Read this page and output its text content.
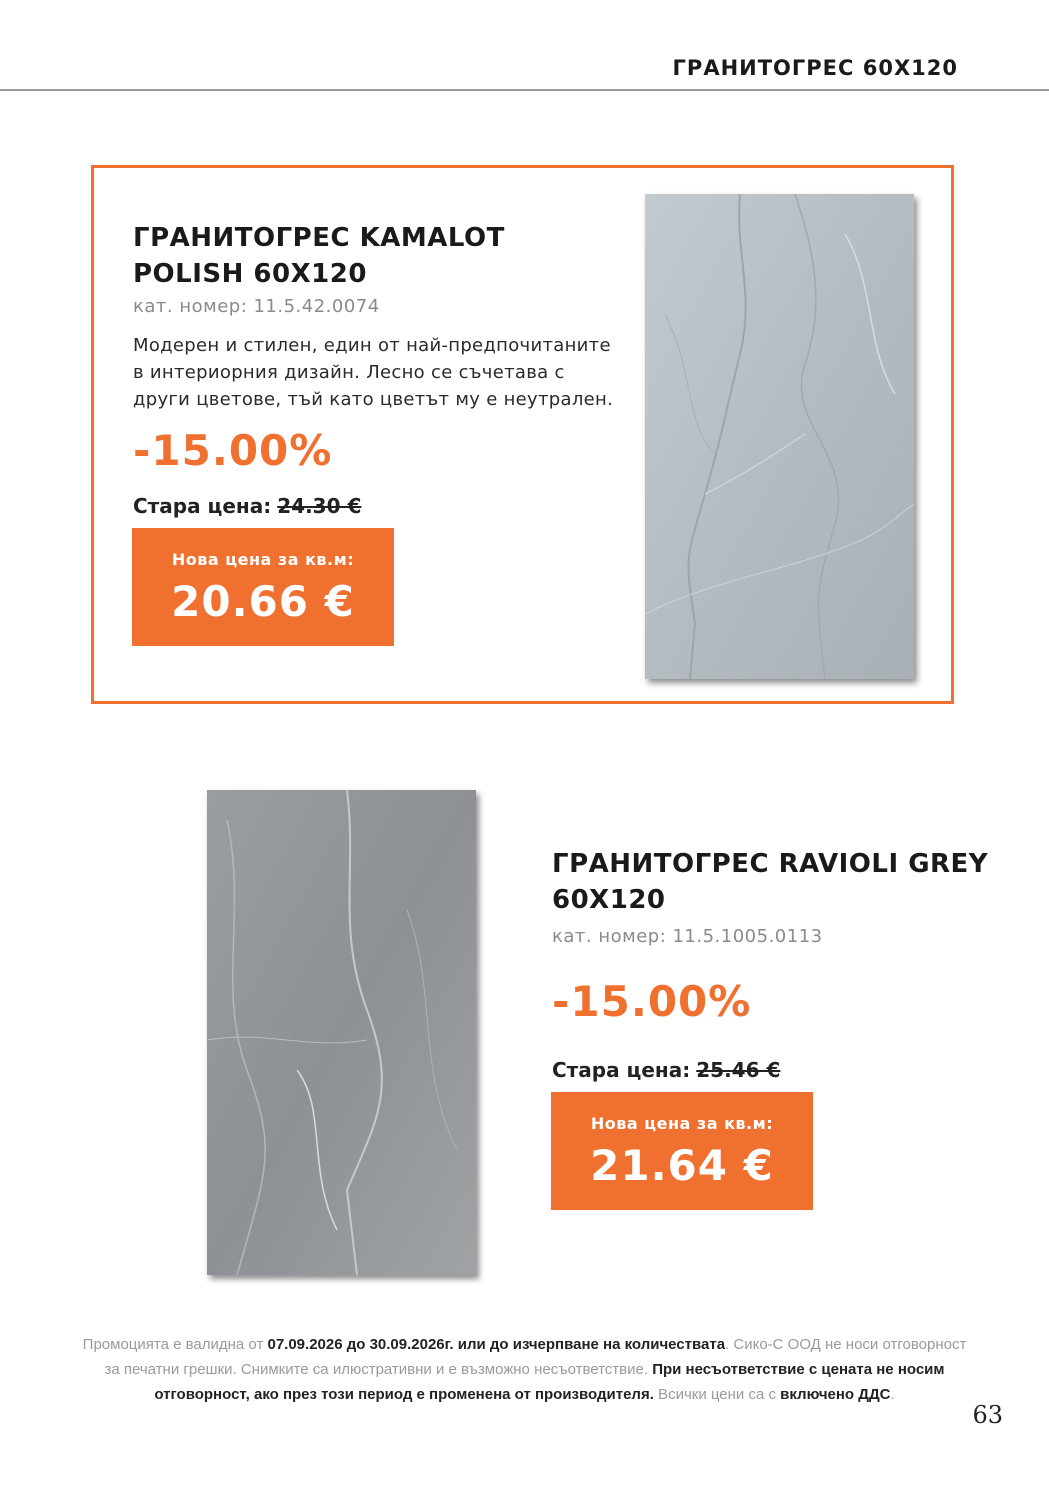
ГРАНИТОГРЕС 60X120
ГРАНИТОГРЕС KAMALOT
POLISH 60X120
кат. номер: 11.5.42.0074
Модерен и стилен, един от най-предпочитаните
в интериорния дизайн. Лесно се съчетава с
други цветове, тъй като цветът му е неутрален.
-15.00%
Стара цена: 24.30 €
Нова цена за кв.м:
20.66 €
ГРАНИТОГРЕС RAVIOLI GREY
60X120
кат. номер: 11.5.1005.0113
-15.00%
Стара цена: 25.46 €
Нова цена за кв.м:
21.64 €
Промоцията е валидна от 07.09.2026 до 30.09.2026г. или до изчерпване на количествата. Сико-С ООД не носи отговорност
за печатни грешки. Снимките са илюстративни и е възможно несъответствие. При несъответствие с цената не носим
отговорност, ако през този период е променена от производителя. Всички цени са с включено ДДС.
63
